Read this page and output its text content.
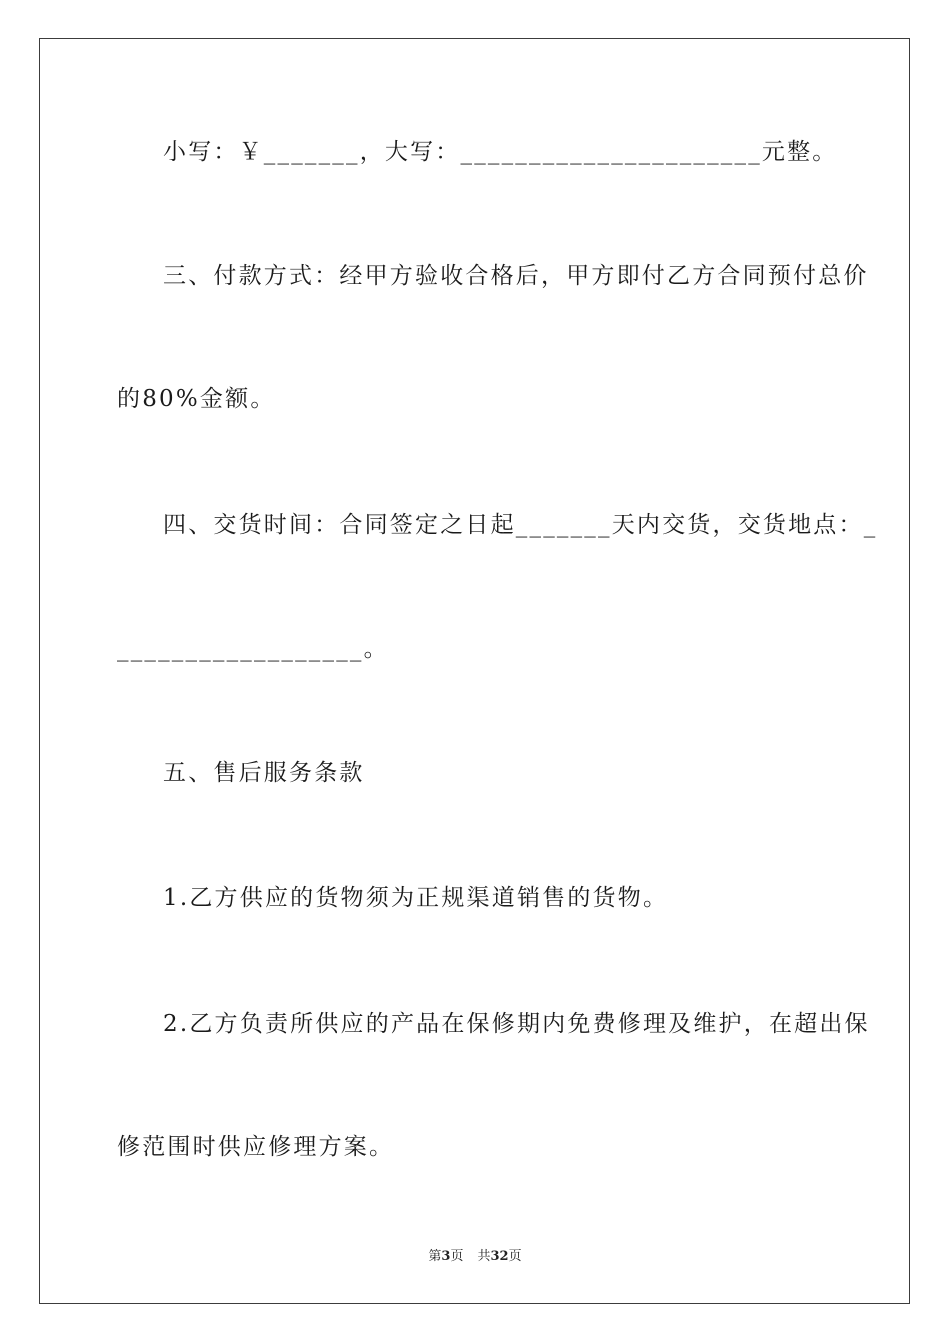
小写：￥_______，大写：______________________元整。
三、付款方式：经甲方验收合格后，甲方即付乙方合同预付总价
的80%金额。
四、交货时间：合同签定之日起_______天内交货，交货地点：_
__________________。
五、售后服务条款
1.乙方供应的货物须为正规渠道销售的货物。
2.乙方负责所供应的产品在保修期内免费修理及维护，在超出保
修范围时供应修理方案。
第3页 共32页
